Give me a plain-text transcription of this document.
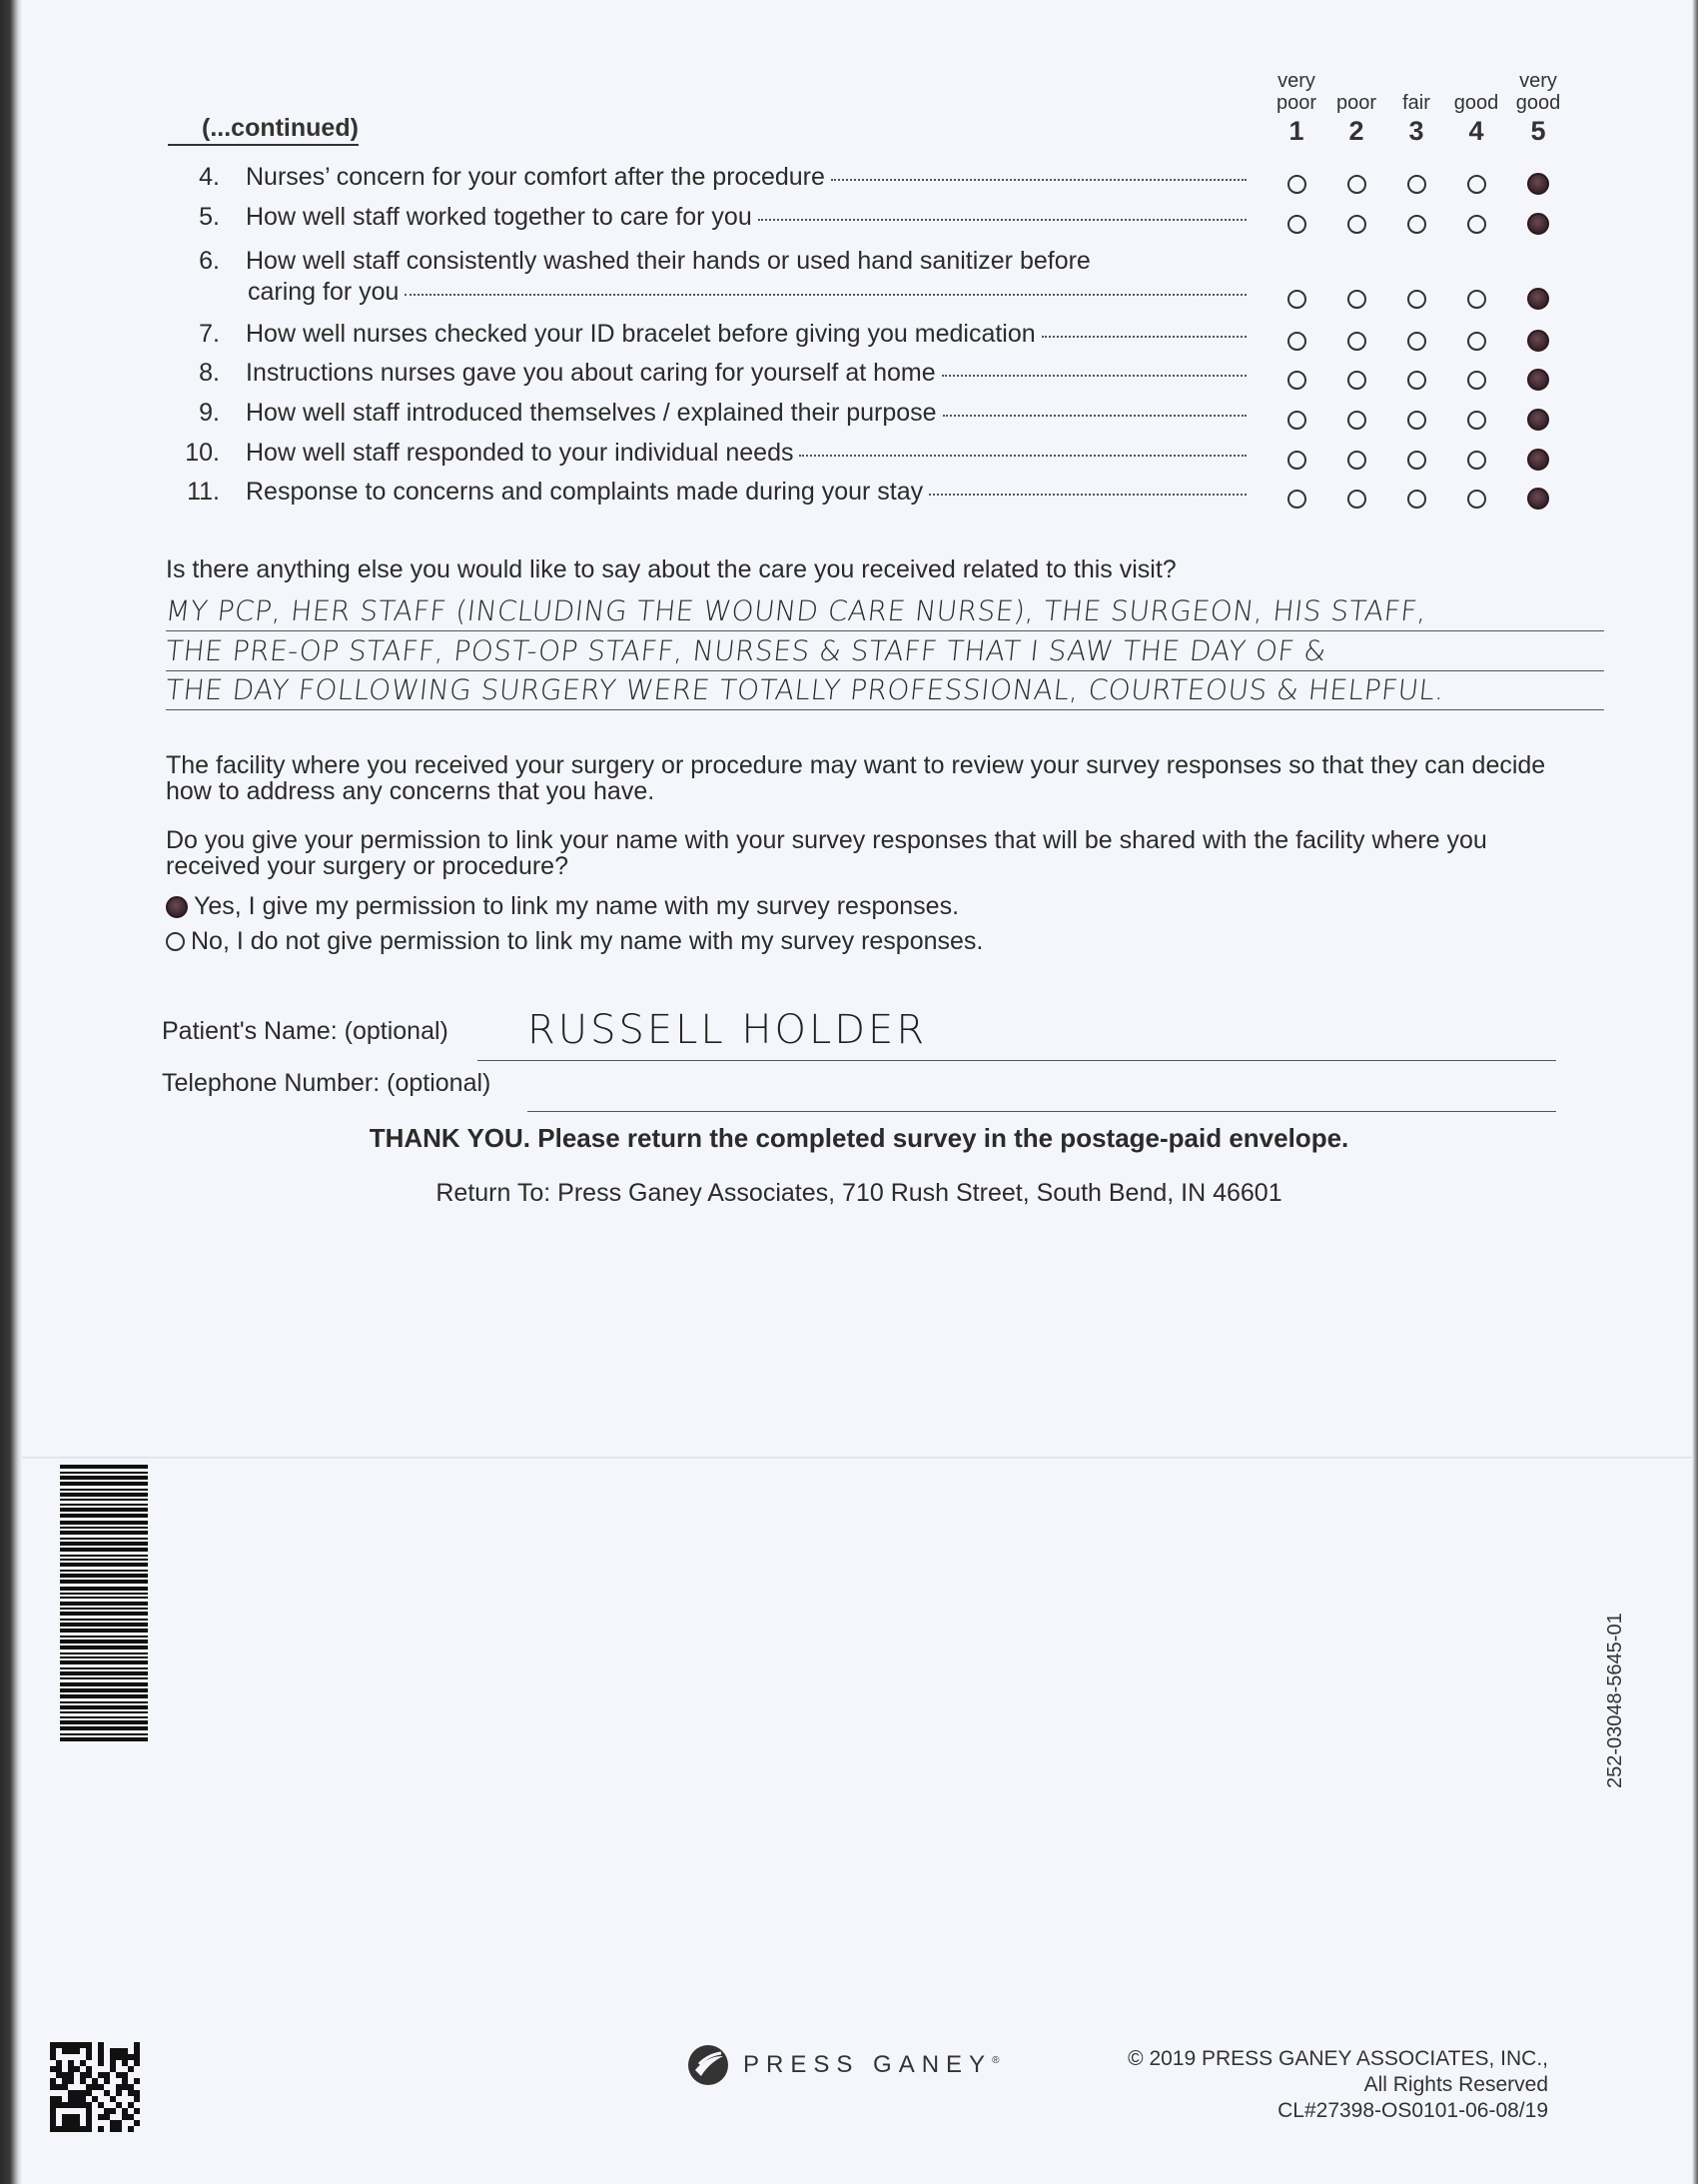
very poor
1
poor
2
fair
3
good
4
very good
5
(...continued)
4. Nurses’ concern for your comfort after the procedure
5. How well staff worked together to care for you
6. How well staff consistently washed their hands or used hand sanitizer before
caring for you
7. How well nurses checked your ID bracelet before giving you medication
8. Instructions nurses gave you about caring for yourself at home
9. How well staff introduced themselves / explained their purpose
10. How well staff responded to your individual needs
11. Response to concerns and complaints made during your stay
Is there anything else you would like to say about the care you received related to this visit?
MY PCP, HER STAFF (INCLUDING THE WOUND CARE NURSE), THE SURGEON, HIS STAFF,
THE PRE-OP STAFF, POST-OP STAFF, NURSES & STAFF THAT I SAW THE DAY OF &
THE DAY FOLLOWING SURGERY WERE TOTALLY PROFESSIONAL, COURTEOUS & HELPFUL.
The facility where you received your surgery or procedure may want to review your survey responses so that they can decide how to address any concerns that you have.
Do you give your permission to link your name with your survey responses that will be shared with the facility where you received your surgery or procedure?
Yes, I give my permission to link my name with my survey responses.
No, I do not give permission to link my name with my survey responses.
Patient's Name: (optional) RUSSELL HOLDER
Telephone Number: (optional)
THANK YOU. Please return the completed survey in the postage-paid envelope.
Return To: Press Ganey Associates, 710 Rush Street, South Bend, IN 46601
252-03048-5645-01
PRESS GANEY®	© 2019 PRESS GANEY ASSOCIATES, INC.,
All Rights Reserved
CL#27398-OS0101-06-08/19
